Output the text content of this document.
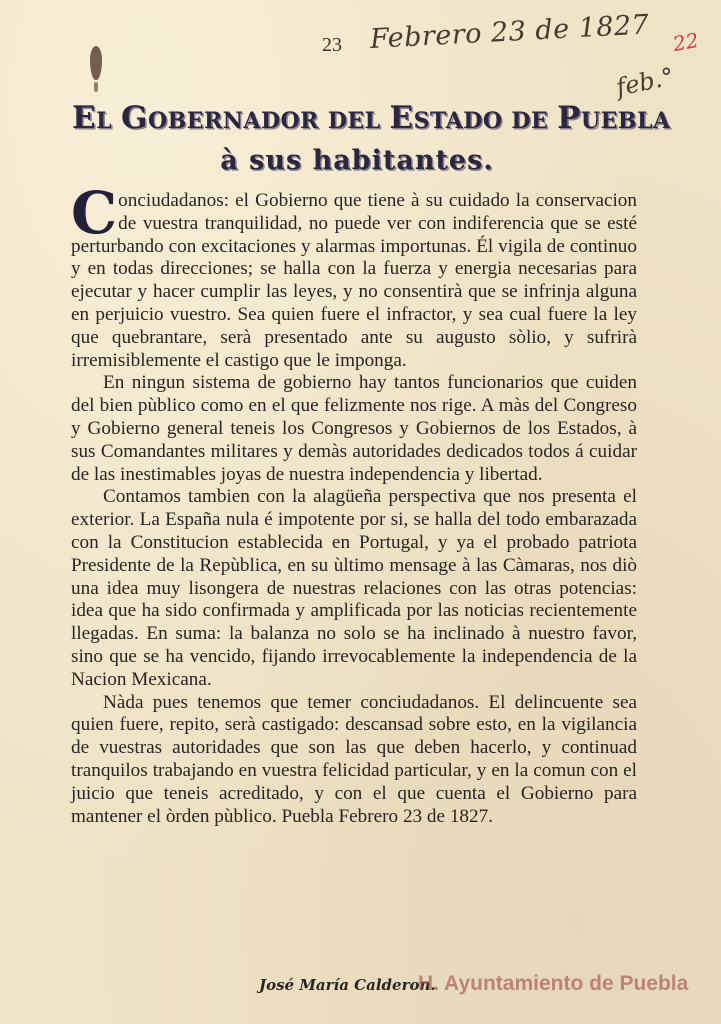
23 Febrero 23 de 1827 22
feb.°
EL GOBERNADOR DEL ESTADO DE PUEBLA
à sus habitantes.

Conciudadanos: el Gobierno que tiene à su cuidado la conservacion de vuestra tranquilidad, no puede ver con indiferencia que se esté perturbando con excitaciones y alarmas importunas. Él vigila de continuo y en todas direcciones; se halla con la fuerza y energia necesarias para ejecutar y hacer cumplir las leyes, y no consentirà que se infrinja alguna en perjuicio vuestro. Sea quien fuere el infractor, y sea cual fuere la ley que quebrantare, serà presentado ante su augusto sòlio, y sufrirà irremisiblemente el castigo que le imponga.

En ningun sistema de gobierno hay tantos funcionarios que cuiden del bien pùblico como en el que felizmente nos rige. A màs del Congreso y Gobierno general teneis los Congresos y Gobiernos de los Estados, à sus Comandantes militares y demàs autoridades dedicados todos á cuidar de las inestimables joyas de nuestra independencia y libertad.

Contamos tambien con la alagüeña perspectiva que nos presenta el exterior. La España nula é impotente por si, se halla del todo embarazada con la Constitucion establecida en Portugal, y ya el probado patriota Presidente de la Repùblica, en su ùltimo mensage à las Càmaras, nos diò una idea muy lisongera de nuestras relaciones con las otras potencias: idea que ha sido confirmada y amplificada por las noticias recientemente llegadas. En suma: la balanza no solo se ha inclinado à nuestro favor, sino que se ha vencido, fijando irrevocablemente la independencia de la Nacion Mexicana.

Nàda pues tenemos que temer conciudadanos. El delincuente sea quien fuere, repito, serà castigado: descansad sobre esto, en la vigilancia de vuestras autoridades que son las que deben hacerlo, y continuad tranquilos trabajando en vuestra felicidad particular, y en la comun con el juicio que teneis acreditado, y con el que cuenta el Gobierno para mantener el òrden pùblico. Puebla Febrero 23 de 1827.

José María Calderon.
H. Ayuntamiento de Puebla
